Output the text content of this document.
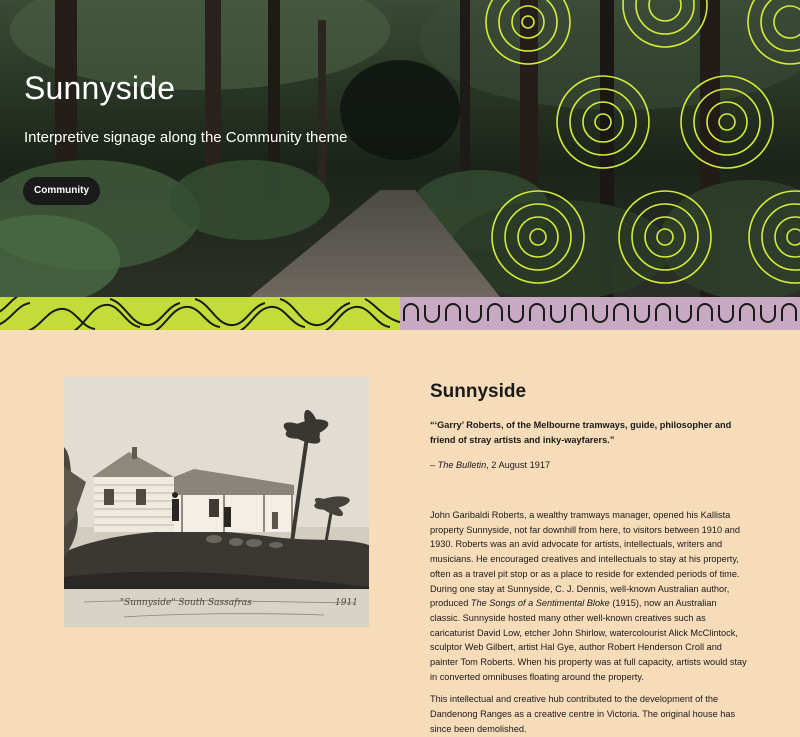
Sunnyside

Interpretive signage along the Community theme

Community
"Sunnyside" South Sassafras	1911
Sunnyside

“‘Garry’ Roberts, of the Melbourne tramways, guide, philosopher and friend of stray artists and inky-wayfarers.”

– The Bulletin, 2 August 1917

John Garibaldi Roberts, a wealthy tramways manager, opened his Kallista property Sunnyside, not far downhill from here, to visitors between 1910 and 1930. Roberts was an avid advocate for artists, intellectuals, writers and musicians. He encouraged creatives and intellectuals to stay at his property, often as a travel pit stop or as a place to reside for extended periods of time. During one stay at Sunnyside, C. J. Dennis, well-known Australian author, produced The Songs of a Sentimental Bloke (1915), now an Australian classic. Sunnyside hosted many other well-known creatives such as caricaturist David Low, etcher John Shirlow, watercolourist Alick McClintock, sculptor Web Gilbert, artist Hal Gye, author Robert Henderson Croll and painter Tom Roberts. When his property was at full capacity, artists would stay in converted omnibuses floating around the property.

This intellectual and creative hub contributed to the development of the Dandenong Ranges as a creative centre in Victoria. The original house has since been demolished.
